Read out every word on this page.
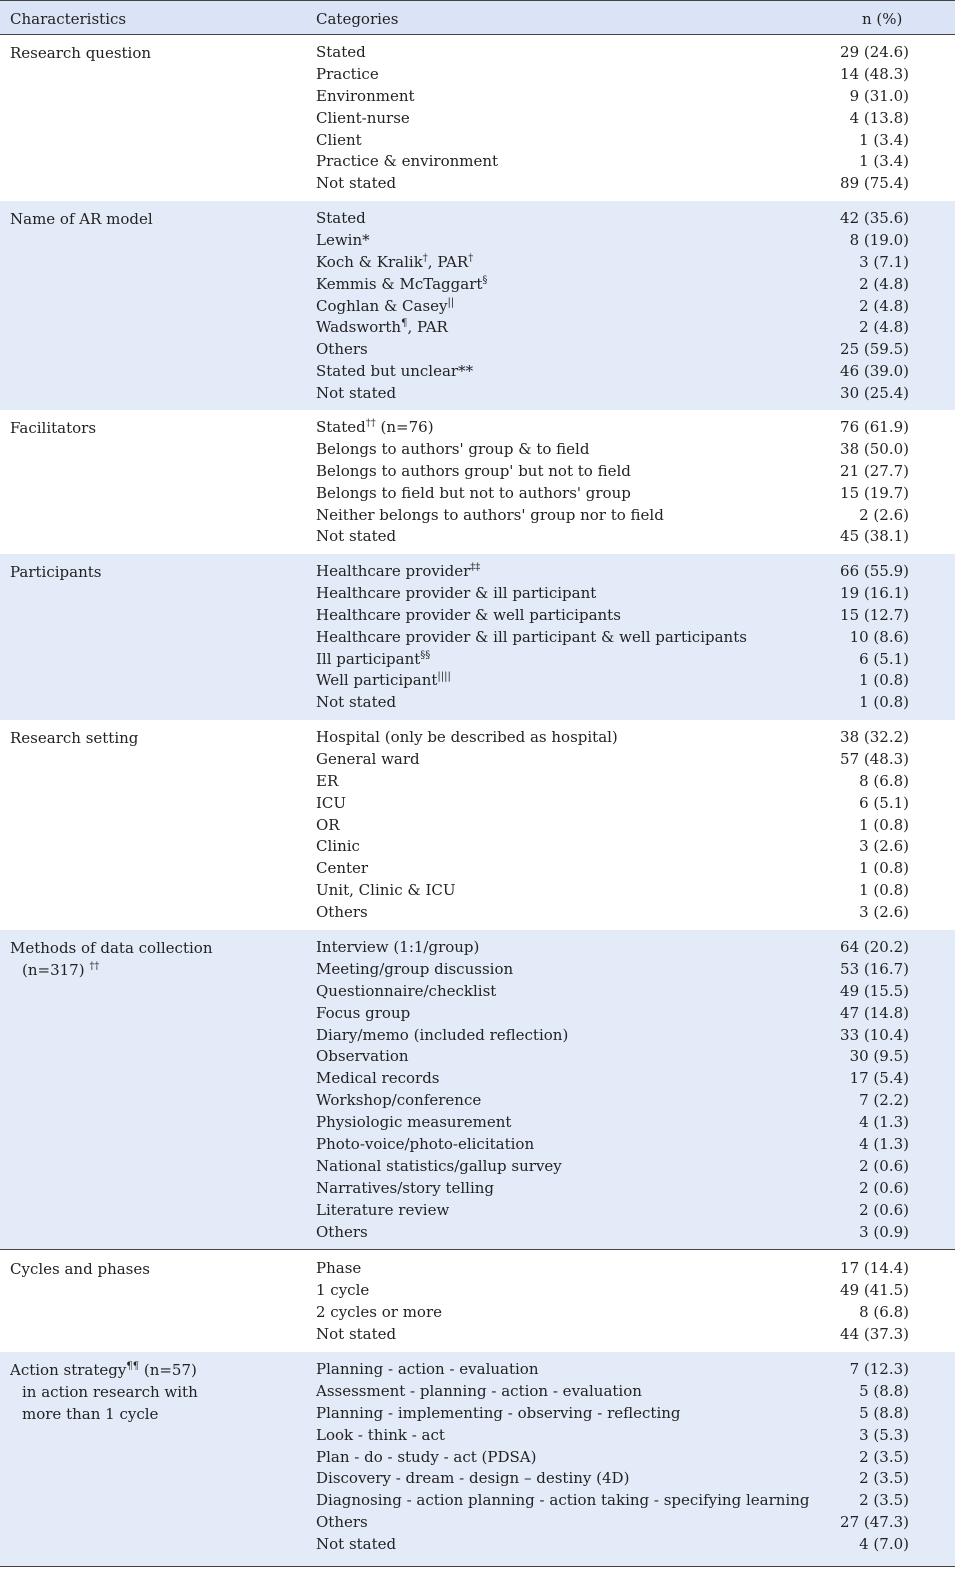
Characteristics	Categories	n (%)
Research question	Stated	29 (24.6)
Practice	14 (48.3)
Environment	9 (31.0)
Client-nurse	4 (13.8)
Client	1 (3.4)
Practice & environment	1 (3.4)
Not stated	89 (75.4)
Name of AR model	Stated	42 (35.6)
Lewin*	8 (19.0)
Koch & Kralik†, PAR†	3 (7.1)
Kemmis & McTaggart§	2 (4.8)
Coghlan & Casey||	2 (4.8)
Wadsworth¶, PAR	2 (4.8)
Others	25 (59.5)
Stated but unclear**	46 (39.0)
Not stated	30 (25.4)
Facilitators	Stated†† (n=76)	76 (61.9)
Belongs to authors' group & to field	38 (50.0)
Belongs to authors group' but not to field	21 (27.7)
Belongs to field but not to authors' group	15 (19.7)
Neither belongs to authors' group nor to field	2 (2.6)
Not stated	45 (38.1)
Participants	Healthcare provider‡‡	66 (55.9)
Healthcare provider & ill participant	19 (16.1)
Healthcare provider & well participants	15 (12.7)
Healthcare provider & ill participant & well participants	10 (8.6)
Ill participant§§	6 (5.1)
Well participant||||	1 (0.8)
Not stated	1 (0.8)
Research setting	Hospital (only be described as hospital)	38 (32.2)
General ward	57 (48.3)
ER	8 (6.8)
ICU	6 (5.1)
OR	1 (0.8)
Clinic	3 (2.6)
Center	1 (0.8)
Unit, Clinic & ICU	1 (0.8)
Others	3 (2.6)
Methods of data collection
(n=317) ††
Interview (1:1/group)	64 (20.2)
Meeting/group discussion	53 (16.7)
Questionnaire/checklist	49 (15.5)
Focus group	47 (14.8)
Diary/memo (included reflection)	33 (10.4)
Observation	30 (9.5)
Medical records	17 (5.4)
Workshop/conference	7 (2.2)
Physiologic measurement	4 (1.3)
Photo-voice/photo-elicitation	4 (1.3)
National statistics/gallup survey	2 (0.6)
Narratives/story telling	2 (0.6)
Literature review	2 (0.6)
Others	3 (0.9)
Cycles and phases	Phase	17 (14.4)
1 cycle	49 (41.5)
2 cycles or more	8 (6.8)
Not stated	44 (37.3)
Action strategy¶¶ (n=57)
in action research with
more than 1 cycle
Planning - action - evaluation	7 (12.3)
Assessment - planning - action - evaluation	5 (8.8)
Planning - implementing - observing - reflecting	5 (8.8)
Look - think - act	3 (5.3)
Plan - do - study - act (PDSA)	2 (3.5)
Discovery - dream - design – destiny (4D)	2 (3.5)
Diagnosing - action planning - action taking - specifying learning	2 (3.5)
Others	27 (47.3)
Not stated	4 (7.0)
